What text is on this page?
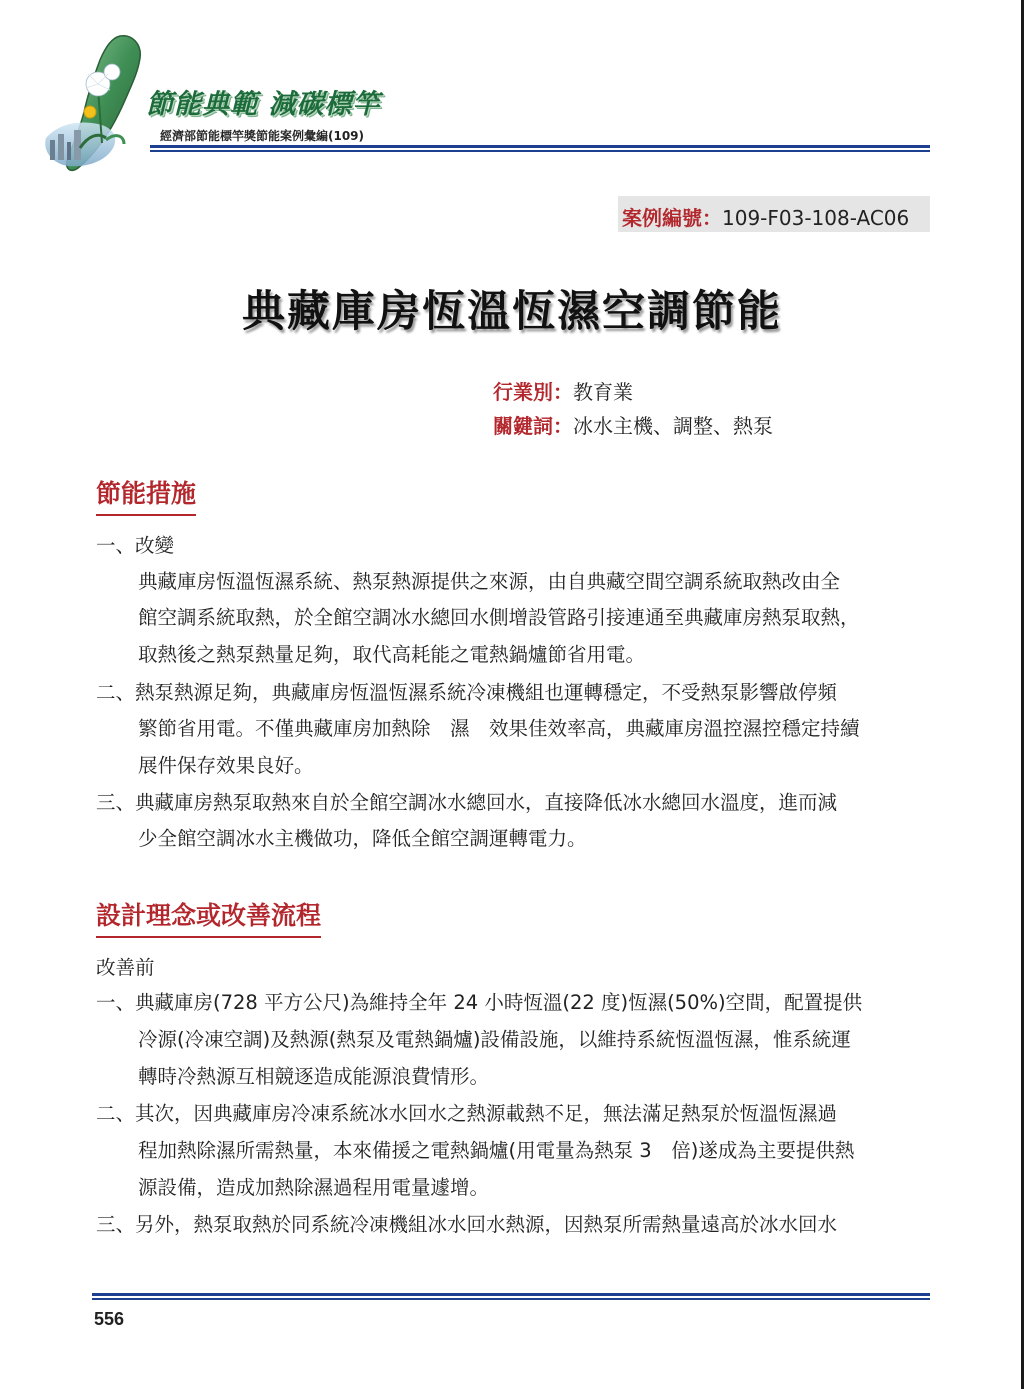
節能典範 減碳標竿
經濟部節能標竿獎節能案例彙編(109)
案例編號：109-F03-108-AC06
典藏庫房恆溫恆濕空調節能
行業別：教育業
關鍵詞：冰水主機、調整、熱泵
節能措施
一、改變
典藏庫房恆溫恆濕系統、熱泵熱源提供之來源，由自典藏空間空調系統取熱改由全
館空調系統取熱，於全館空調冰水總回水側增設管路引接連通至典藏庫房熱泵取熱，
取熱後之熱泵熱量足夠，取代高耗能之電熱鍋爐節省用電。
二、熱泵熱源足夠，典藏庫房恆溫恆濕系統冷凍機組也運轉穩定，不受熱泵影響啟停頻
繁節省用電。不僅典藏庫房加熱除　濕　效果佳效率高，典藏庫房溫控濕控穩定持續
展件保存效果良好。
三、典藏庫房熱泵取熱來自於全館空調冰水總回水，直接降低冰水總回水溫度，進而減
少全館空調冰水主機做功，降低全館空調運轉電力。
設計理念或改善流程
改善前
一、典藏庫房(728 平方公尺)為維持全年 24 小時恆溫(22 度)恆濕(50%)空間，配置提供
冷源(冷凍空調)及熱源(熱泵及電熱鍋爐)設備設施，以維持系統恆溫恆濕，惟系統運
轉時冷熱源互相競逐造成能源浪費情形。
二、其次，因典藏庫房冷凍系統冰水回水之熱源載熱不足，無法滿足熱泵於恆溫恆濕過
程加熱除濕所需熱量，本來備援之電熱鍋爐(用電量為熱泵 3　倍)遂成為主要提供熱
源設備，造成加熱除濕過程用電量遽增。
三、另外，熱泵取熱於同系統冷凍機組冰水回水熱源，因熱泵所需熱量遠高於冰水回水
556
